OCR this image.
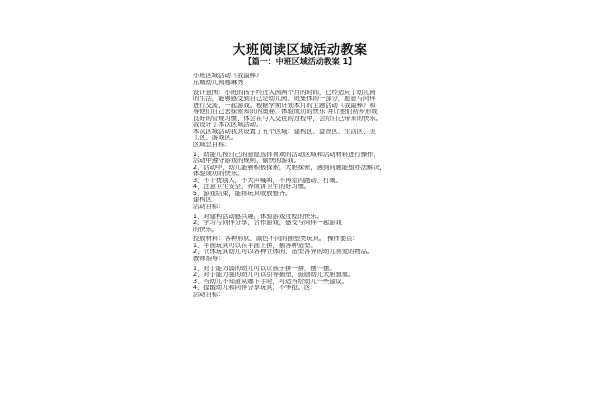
大班阅读区域活动教案
【篇一：中班区域活动教案 1】
小班区域活动《我最棒》
东城幼儿园穆琳秀
设计意图：小班的孩子经过入园两个月的时间，已经适应了幼儿园
的生活，能够感受到自己是幼儿园、班集体的一部分，愿意与同伴
进行交流，一起游戏。根据学期计划本月的主题活动《我最棒》和
导他们自己去探索知识的奥秘，体验成功的快乐 并让他们初步形成
良好的常规习惯、体会在与人交往的过程中，会给自己带来的快乐。
我设计了本次区域活动。
本次区域活动我共设置了五个区域：建构区、益智区、生活区、美
工区、游戏区。
区域总目标：
1、幼能儿按自己的意愿选择喜欢的活动区域和活动材料进行操作，
活动中遵守游戏的规则，愉快的游戏。
2、活动中，幼儿能够积极探索，大胆探索，遇到问题能想办法解决，
体验成功的快乐。
3、不干扰别人，不大声喊叫，不再室内跑动、打闹。
4、注意卫生安全，养成讲卫生的好习惯。
5、游戏结束，能将玩具收放整齐。
建构区
活动目标：
1、对建构活动感兴趣，体验游戏过程的快乐。
2、学习与同伴分享，合作游戏，感受与同伴一起游戏
的快乐。
投放材料：各种形状、颜色不同的插塑类玩具。 操作要点：
1、平面玩具可以在平面上拼，插各种造型。
2、立体玩具幼儿可以各种立体的、造型各异的幼儿喜爱的物品。
教师指导：
1、对于能力弱的幼儿可以让孩子拼一拼，摆一摆。
2、对于能力强的幼儿可以引导插塑，鼓励幼儿大胆想象。
3、当幼儿不知道从哪下手时，可适当给幼儿一些建议。
4、提醒幼儿和同伴分享玩具，不争抢。区：
活动目标：
